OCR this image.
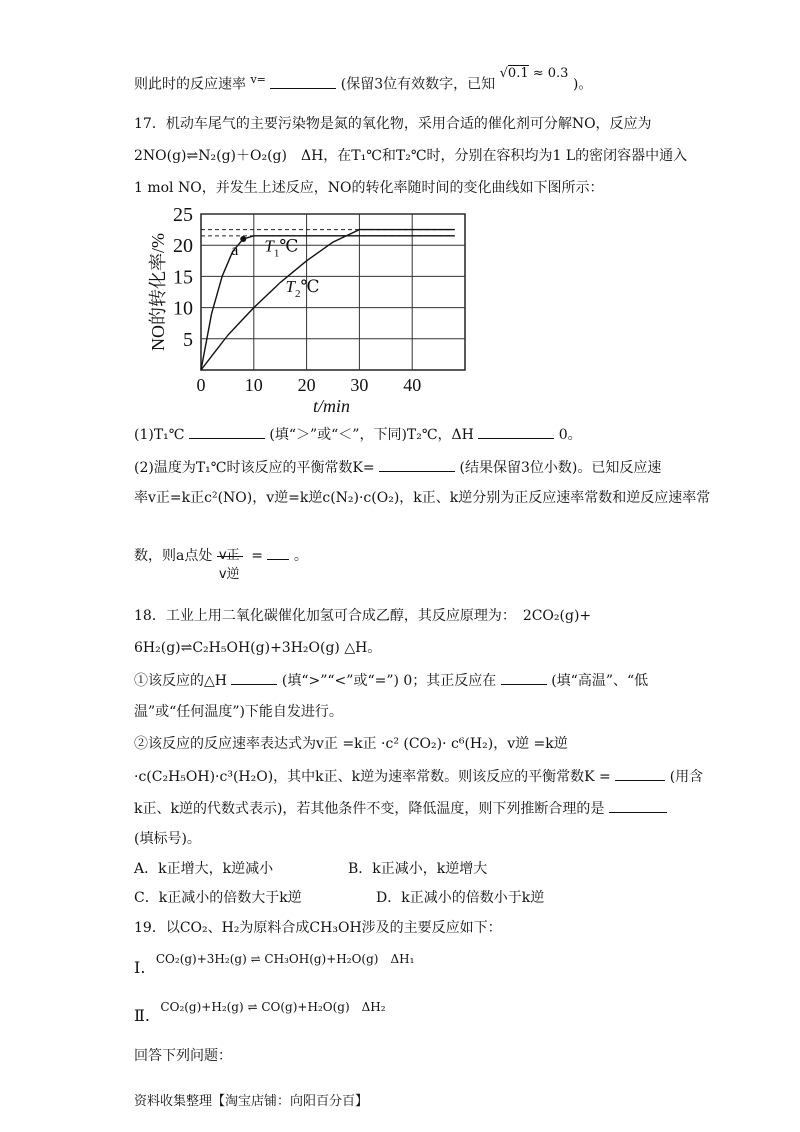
则此时的反应速率 $^{v=}$	(保留3位有效数字，已知 √0.1 ≈ 0.3 )。
17．机动车尾气的主要污染物是氮的氧化物，采用合适的催化剂可分解NO，反应为
2NO(g)⇌N₂(g)＋O₂(g)　ΔH，在T₁℃和T₂℃时，分别在容积均为1 L的密闭容器中通入
1 mol NO，并发生上述反应，NO的转化率随时间的变化曲线如下图所示：
5
10
15
20
25
0 10 20 30 40
$T_1℃$
$T_2℃$
a
t/min
NO的转化率/%
(1)T₁℃	(填“＞”或“＜”，下同)T₂℃，ΔH	0。
(2)温度为T₁℃时该反应的平衡常数K=	(结果保留3位小数)。已知反应速
率v正=k正c²(NO)，v逆=k逆c(N₂)·c(O₂)，k正、k逆分别为正反应速率常数和逆反应速率常
数，则a点处 v正
v逆
= 。
18．工业上用二氧化碳催化加氢可合成乙醇，其反应原理为：　2CO₂(g)+
6H₂(g)⇌C₂H₅OH(g)+3H₂O(g) △H。
①该反应的△H	(填“>”“<”或“=”) 0；其正反应在	(填“高温”、“低
温”或“任何温度”)下能自发进行。
②该反应的反应速率表达式为v正 =k正 ·c² (CO₂)· c⁶(H₂)，v逆 =k逆
·c(C₂H₅OH)·c³(H₂O)，其中k正、k逆为速率常数。则该反应的平衡常数K =	(用含
k正、k逆的代数式表示)，若其他条件不变，降低温度，则下列推断合理的是
(填标号)。
A．k正增大，k逆减小	B．k正减小，k逆增大
C．k正减小的倍数大于k逆	D．k正减小的倍数小于k逆
19．以CO₂、H₂为原料合成CH₃OH涉及的主要反应如下：
Ⅰ. CO₂(g)+3H₂(g) ⇌ CH₃OH(g)+H₂O(g)　ΔH₁
Ⅱ. CO₂(g)+H₂(g) ⇌ CO(g)+H₂O(g)　ΔH₂
回答下列问题：
资料收集整理【淘宝店铺：向阳百分百】
